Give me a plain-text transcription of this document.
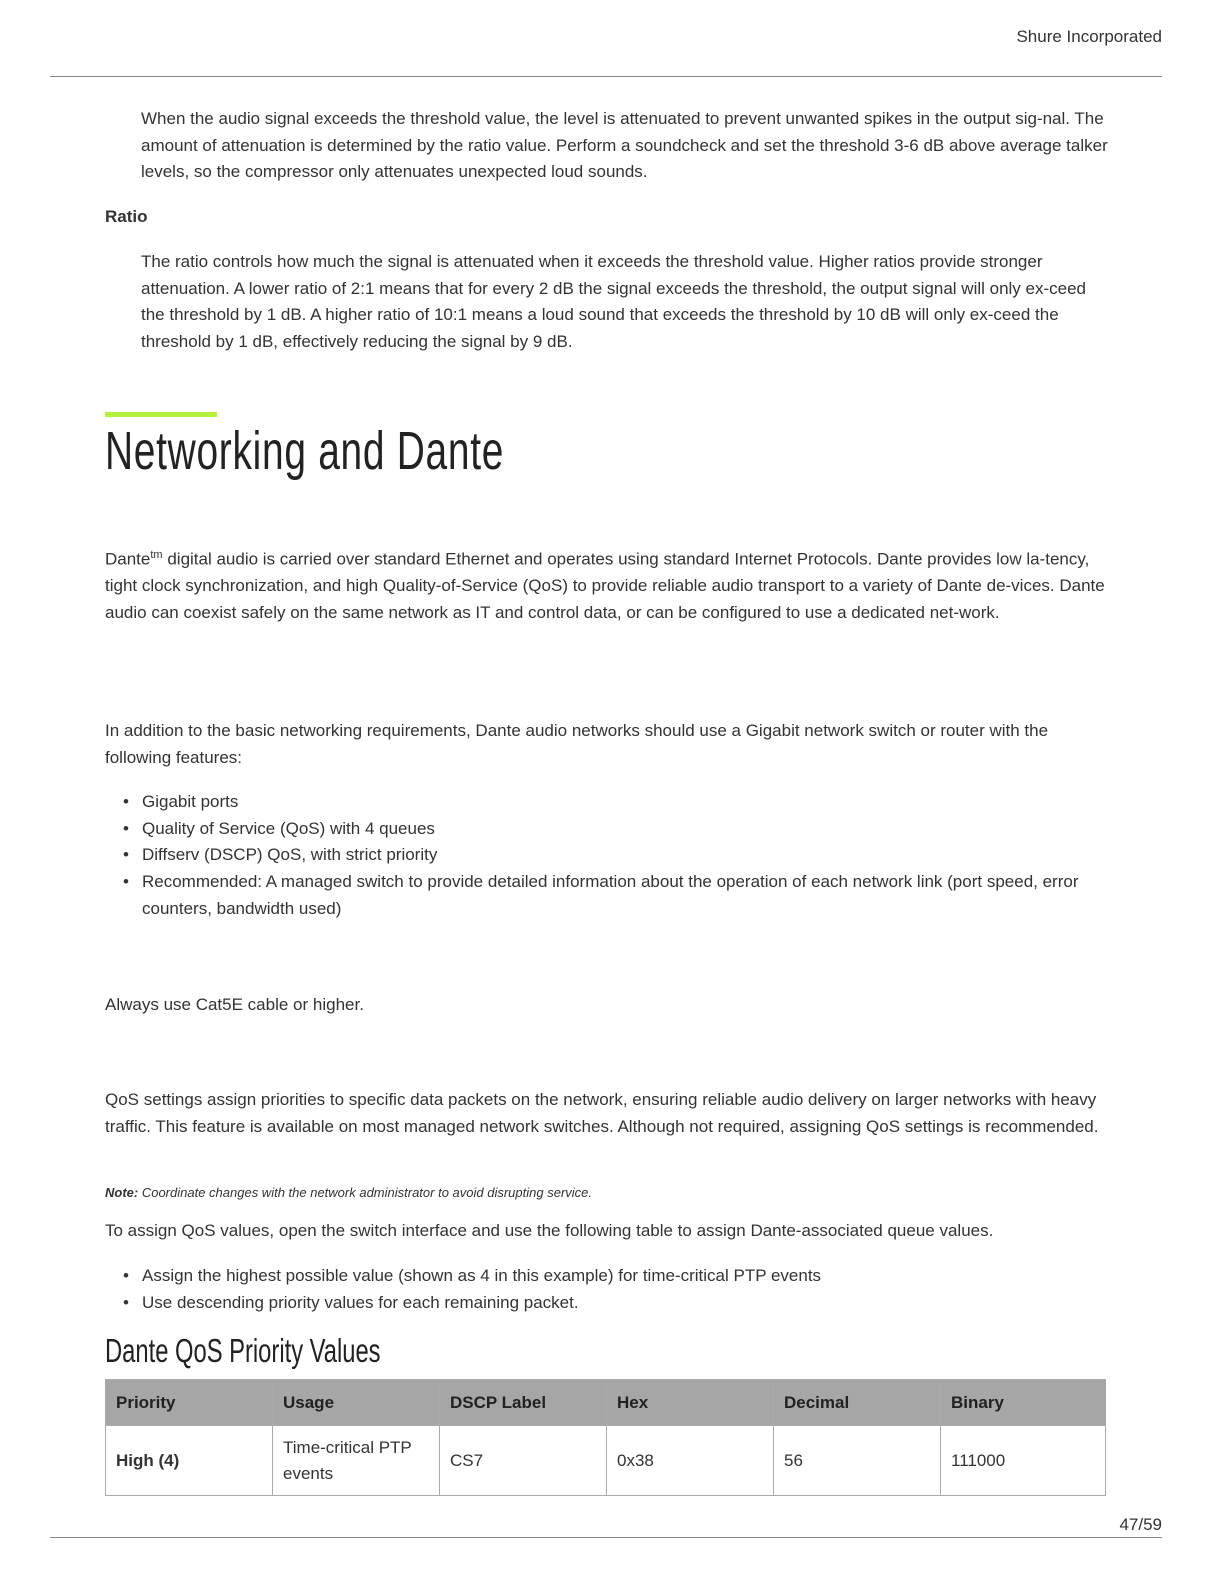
Shure Incorporated
When the audio signal exceeds the threshold value, the level is attenuated to prevent unwanted spikes in the output sig-nal. The amount of attenuation is determined by the ratio value. Perform a soundcheck and set the threshold 3-6 dB above average talker levels, so the compressor only attenuates unexpected loud sounds.
Ratio
The ratio controls how much the signal is attenuated when it exceeds the threshold value. Higher ratios provide stronger attenuation. A lower ratio of 2:1 means that for every 2 dB the signal exceeds the threshold, the output signal will only ex-ceed the threshold by 1 dB. A higher ratio of 10:1 means a loud sound that exceeds the threshold by 10 dB will only ex-ceed the threshold by 1 dB, effectively reducing the signal by 9 dB.
Networking and Dante
Dante$^{tm}$ digital audio is carried over standard Ethernet and operates using standard Internet Protocols. Dante provides low la-tency, tight clock synchronization, and high Quality-of-Service (QoS) to provide reliable audio transport to a variety of Dante de-vices. Dante audio can coexist safely on the same network as IT and control data, or can be configured to use a dedicated net-work.
In addition to the basic networking requirements, Dante audio networks should use a Gigabit network switch or router with the following features:
• Gigabit ports
• Quality of Service (QoS) with 4 queues
• Diffserv (DSCP) QoS, with strict priority
• Recommended: A managed switch to provide detailed information about the operation of each network link (port speed, error counters, bandwidth used)
Always use Cat5E cable or higher.
QoS settings assign priorities to specific data packets on the network, ensuring reliable audio delivery on larger networks with heavy traffic. This feature is available on most managed network switches. Although not required, assigning QoS settings is recommended.
Note: Coordinate changes with the network administrator to avoid disrupting service.
To assign QoS values, open the switch interface and use the following table to assign Dante-associated queue values.
• Assign the highest possible value (shown as 4 in this example) for time-critical PTP events
• Use descending priority values for each remaining packet.
Dante QoS Priority Values
Priority	Usage	DSCP Label	Hex	Decimal	Binary
High (4)	Time-critical PTP events	CS7	0x38	56	111000
47/59
